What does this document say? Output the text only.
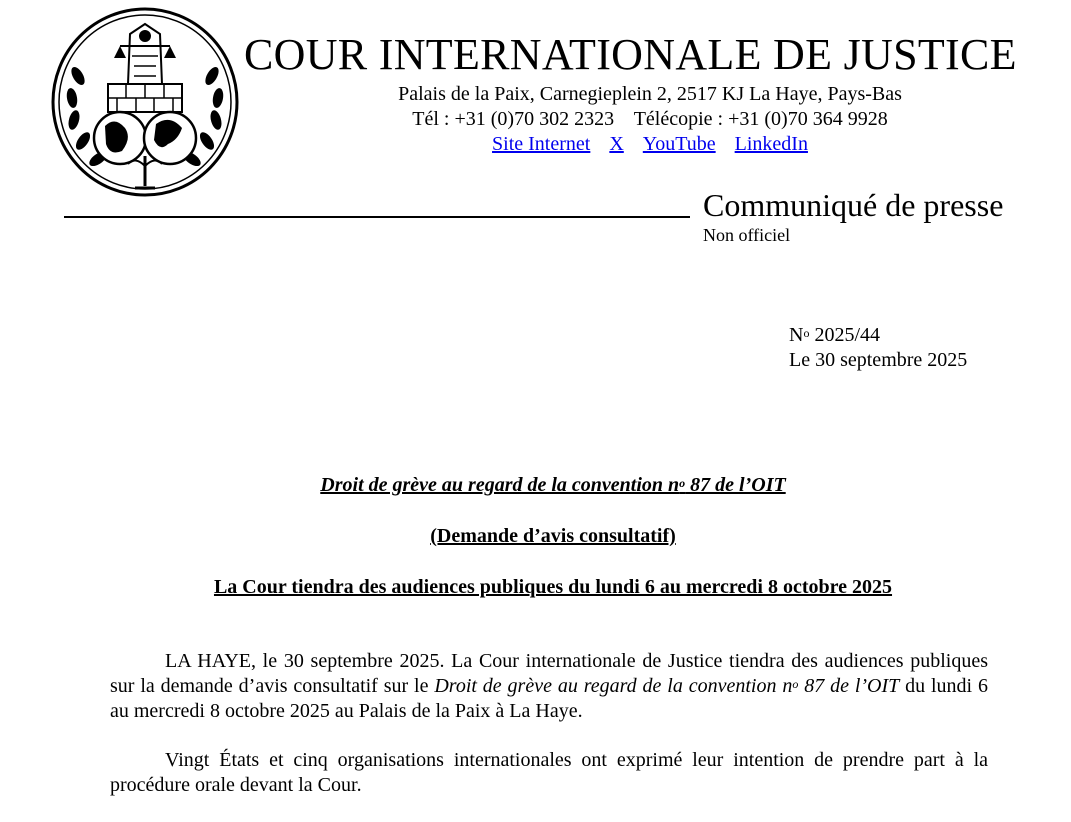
COUR INTERNATIONALE DE JUSTICE
Palais de la Paix, Carnegieplein 2, 2517 KJ La Haye, Pays-Bas
Tél : +31 (0)70 302 2323    Télécopie : +31 (0)70 364 9928
Site Internet X YouTube LinkedIn
Communiqué de presse
Non officiel
$N^o$ 2025/44
Le 30 septembre 2025
Droit de grève au regard de la convention $n^o$ 87 de l’OIT
(Demande d’avis consultatif)
La Cour tiendra des audiences publiques du lundi 6 au mercredi 8 octobre 2025
LA HAYE, le 30 septembre 2025. La Cour internationale de Justice tiendra des audiences publiques sur la demande d’avis consultatif sur le Droit de grève au regard de la convention $n^o$ 87 de l’OIT du lundi 6 au mercredi 8 octobre 2025 au Palais de la Paix à La Haye.
Vingt États et cinq organisations internationales ont exprimé leur intention de prendre part à la procédure orale devant la Cour.
